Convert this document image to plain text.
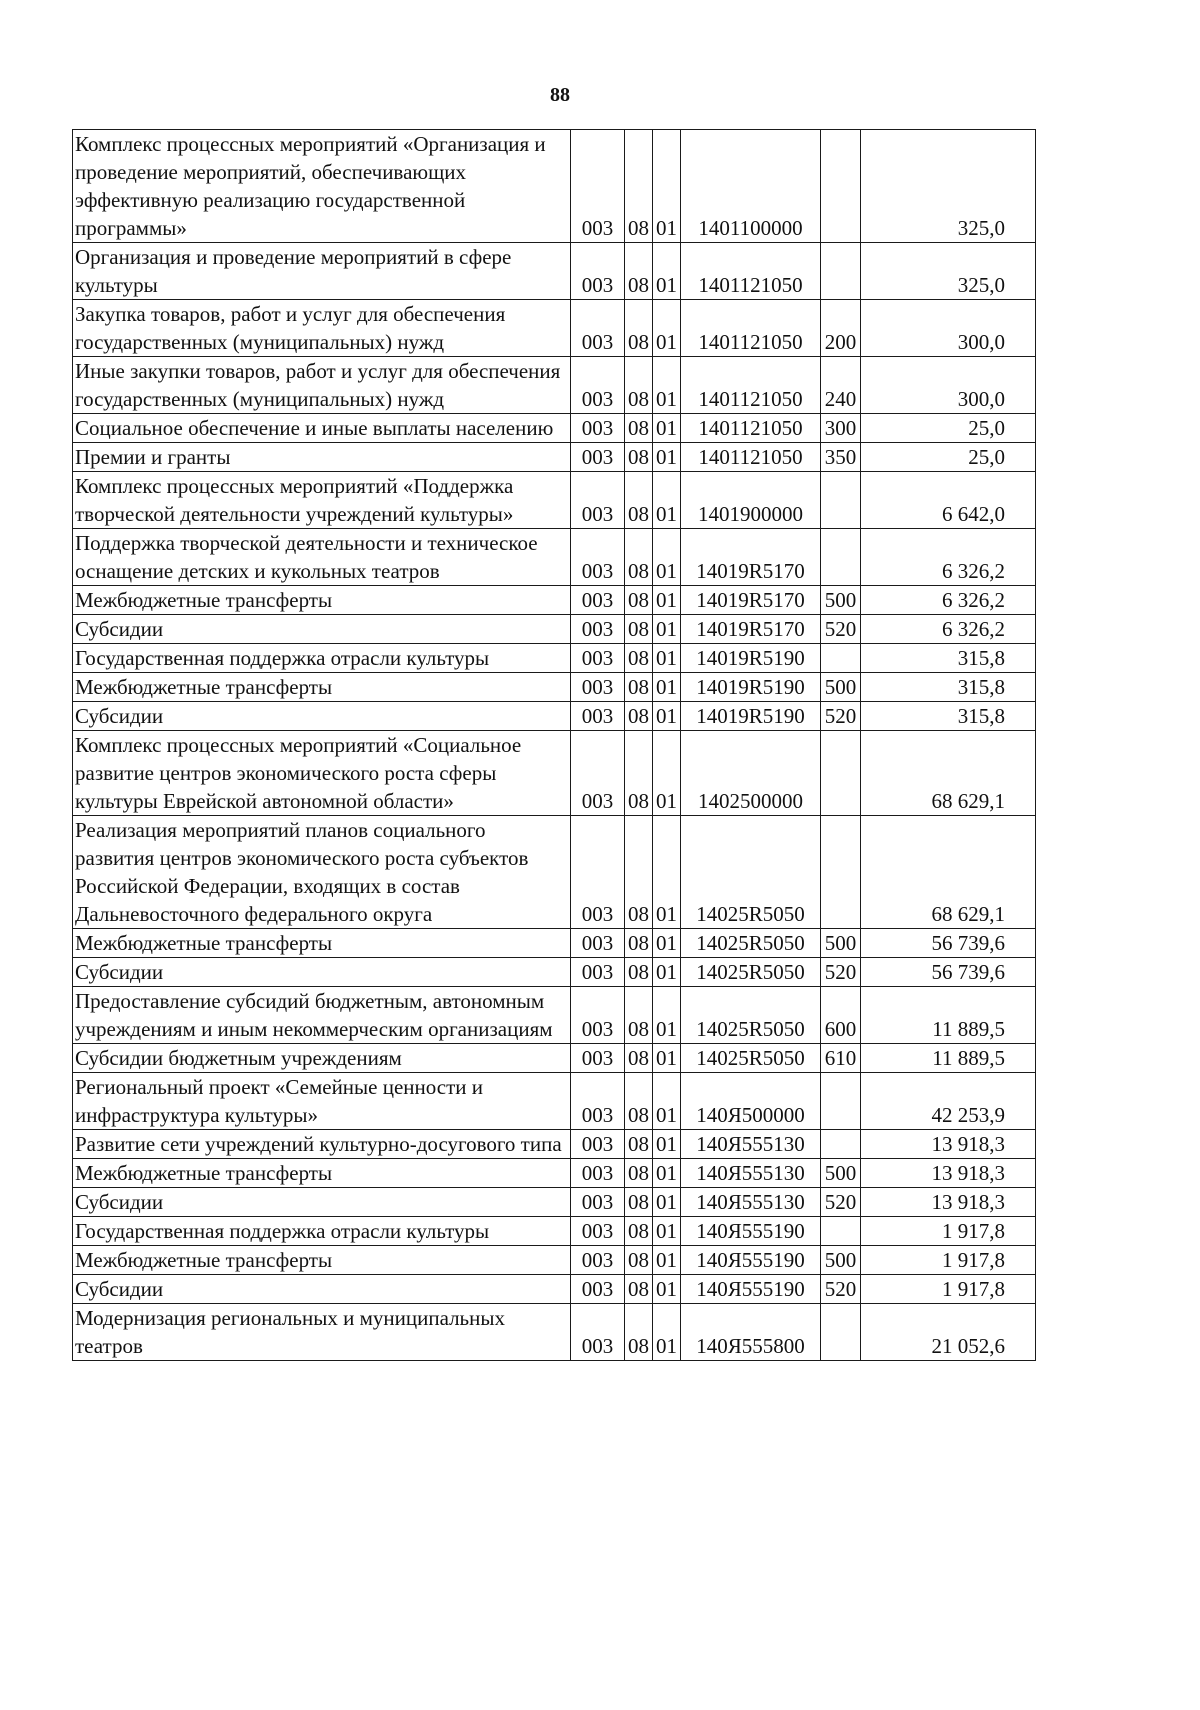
88
Комплекс процессных мероприятий «Организация и проведение мероприятий, обеспечивающих эффективную реализацию государственной программы»	003	08	01	1401100000		325,0
Организация и проведение мероприятий в сфере культуры	003	08	01	1401121050		325,0
Закупка товаров, работ и услуг для обеспечения государственных (муниципальных) нужд	003	08	01	1401121050	200	300,0
Иные закупки товаров, работ и услуг для обеспечения государственных (муниципальных) нужд	003	08	01	1401121050	240	300,0
Социальное обеспечение и иные выплаты населению	003	08	01	1401121050	300	25,0
Премии и гранты	003	08	01	1401121050	350	25,0
Комплекс процессных мероприятий «Поддержка творческой деятельности учреждений культуры»	003	08	01	1401900000		6 642,0
Поддержка творческой деятельности и техническое оснащение детских и кукольных театров	003	08	01	14019R5170		6 326,2
Межбюджетные трансферты	003	08	01	14019R5170	500	6 326,2
Субсидии	003	08	01	14019R5170	520	6 326,2
Государственная поддержка отрасли культуры	003	08	01	14019R5190		315,8
Межбюджетные трансферты	003	08	01	14019R5190	500	315,8
Субсидии	003	08	01	14019R5190	520	315,8
Комплекс процессных мероприятий «Социальное развитие центров экономического роста сферы культуры Еврейской автономной области»	003	08	01	1402500000		68 629,1
Реализация мероприятий планов социального развития центров экономического роста субъектов Российской Федерации, входящих в состав Дальневосточного федерального округа	003	08	01	14025R5050		68 629,1
Межбюджетные трансферты	003	08	01	14025R5050	500	56 739,6
Субсидии	003	08	01	14025R5050	520	56 739,6
Предоставление субсидий бюджетным, автономным учреждениям и иным некоммерческим организациям	003	08	01	14025R5050	600	11 889,5
Субсидии бюджетным учреждениям	003	08	01	14025R5050	610	11 889,5
Региональный проект «Семейные ценности и инфраструктура культуры»	003	08	01	140Я500000		42 253,9
Развитие сети учреждений культурно-досугового типа	003	08	01	140Я555130		13 918,3
Межбюджетные трансферты	003	08	01	140Я555130	500	13 918,3
Субсидии	003	08	01	140Я555130	520	13 918,3
Государственная поддержка отрасли культуры	003	08	01	140Я555190		1 917,8
Межбюджетные трансферты	003	08	01	140Я555190	500	1 917,8
Субсидии	003	08	01	140Я555190	520	1 917,8
Модернизация региональных и муниципальных театров	003	08	01	140Я555800		21 052,6
